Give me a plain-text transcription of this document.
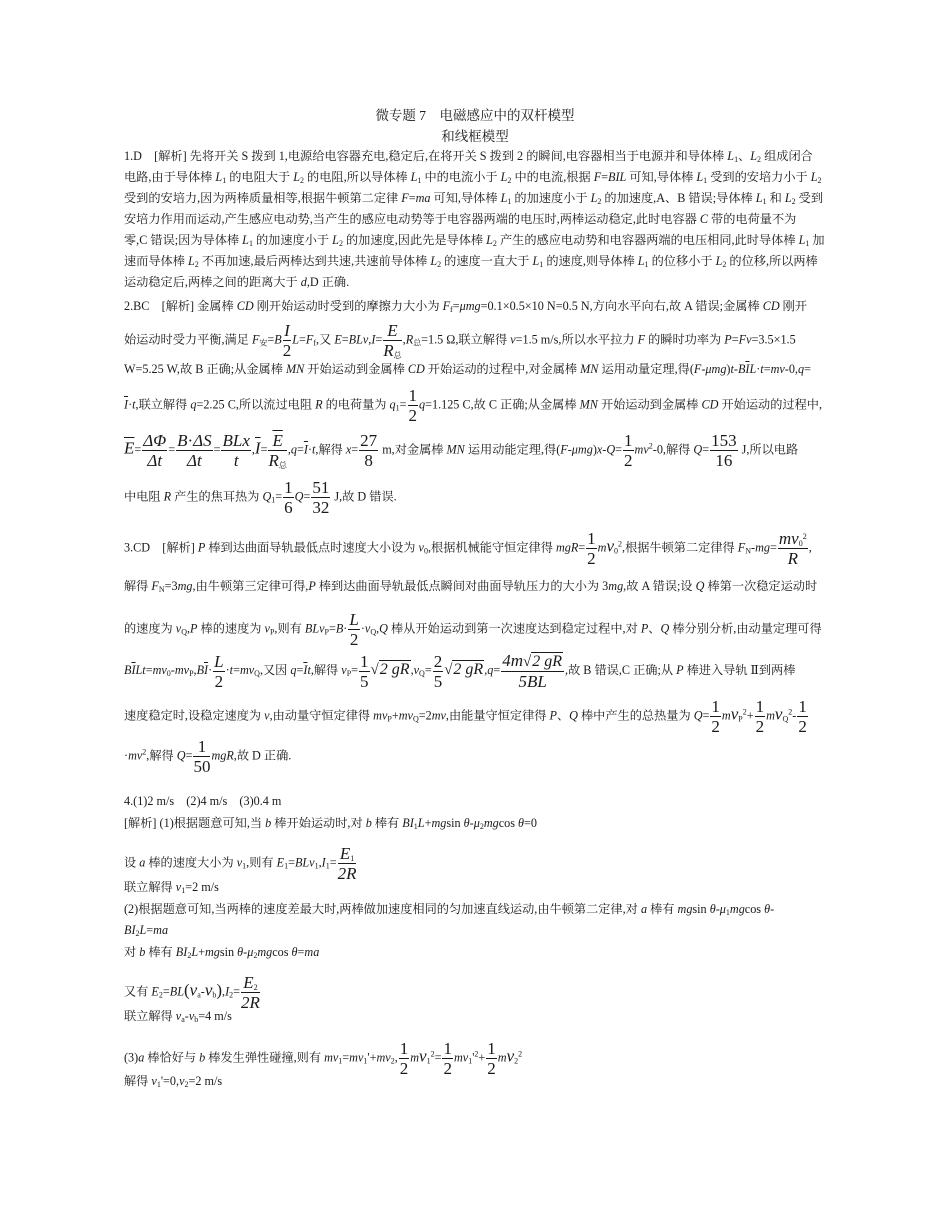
微专题 7　电磁感应中的双杆模型
和线框模型
1.D　[解析] 先将开关 S 拨到 1,电源给电容器充电,稳定后,在将开关 S 拨到 2 的瞬间,电容器相当于电源并和导体棒 $L_1$、$L_2$ 组成闭合
电路,由于导体棒 $L_1$ 的电阻大于 $L_2$ 的电阻,所以导体棒 $L_1$ 中的电流小于 $L_2$ 中的电流,根据 F=BIL 可知,导体棒 $L_1$ 受到的安培力小于 $L_2$
受到的安培力,因为两棒质量相等,根据牛顿第二定律 F=ma 可知,导体棒 $L_1$ 的加速度小于 $L_2$ 的加速度,A、B 错误;导体棒 $L_1$ 和 $L_2$ 受到
安培力作用而运动,产生感应电动势,当产生的感应电动势等于电容器两端的电压时,两棒运动稳定,此时电容器 C 带的电荷量不为
零,C 错误;因为导体棒 $L_1$ 的加速度小于 $L_2$ 的加速度,因此先是导体棒 $L_2$ 产生的感应电动势和电容器两端的电压相同,此时导体棒 $L_1$ 加
速而导体棒 $L_2$ 不再加速,最后两棒达到共速,共速前导体棒 $L_2$ 的速度一直大于 $L_1$ 的速度,则导体棒 $L_1$ 的位移小于 $L_2$ 的位移,所以两棒
运动稳定后,两棒之间的距离大于 d,D 正确.
2.BC　[解析] 金属棒 CD 刚开始运动时受到的摩擦力大小为 $F_f=\mu mg=0.1\times 0.5\times 10$ N=0.5 N,方向水平向右,故 A 错误;金属棒 CD 刚开
始运动时受力平衡,满足 $F_安=B \frac{I}{2} L=F_f$,又 $E=BLv,I= \frac{E}{R_总} ,R_总=1.5$ Ω,联立解得 v=1.5 m/s,所以水平拉力 F 的瞬时功率为 P=Fv=3.5×1.5
W=5.25 W,故 B 正确;从金属棒 MN 开始运动到金属棒 CD 开始运动的过程中,对金属棒 MN 运用动量定理,得$(F-\mu mg)t-B\overline{I}L\cdot t=mv-0,q=$
$\overline{I}\cdot t$,联立解得 q=2.25 C,所以流过电阻 R 的电荷量为 $q_1= \frac{1}{2} q=1.125$ C,故 C 正确;从金属棒 MN 开始运动到金属棒 CD 开始运动的过程中,
$\overline{E}= \frac{\Delta\Phi}{\Delta t} = \frac{B\cdot\Delta S}{\Delta t} = \frac{\text{BLx}}{t} ,\overline{I}= \frac{\overline{E}}{R_总} ,q=\overline{I}\cdot t$,解得 $x= \frac{27}{8} m$,对金属棒 MN 运用动能定理,得$(F-\mu mg)x-Q= \frac{1}{2} mv^2-0$,解得 $Q= \frac{153}{16} J$,所以电路
中电阻 R 产生的焦耳热为 $Q_1= \frac{1}{6} Q= \frac{51}{32} J$,故 D 错误.
3.CD　[解析] P 棒到达曲面导轨最低点时速度大小设为 $v_0$,根据机械能守恒定律得 $mgR= \frac{1}{2} mv_0^2$,根据牛顿第二定律得 $F_N-mg= \frac{mv_0^2}{R}$ ,
解得 $F_N=3mg$,由牛顿第三定律可得,P 棒到达曲面导轨最低点瞬间对曲面导轨压力的大小为 3mg,故 A 错误;设 Q 棒第一次稳定运动时
的速度为 $v_Q,P$ 棒的速度为 $v_P$,则有 $BLv_P=B\cdot \frac{L}{2} \cdot v_Q,Q$ 棒从开始运动到第一次速度达到稳定过程中,对 P、Q 棒分别分析,由动量定理可得
$B\overline{I}Lt=mv_0-mv_P,B\overline{I}\cdot \frac{L}{2} \cdot t=mv_Q$,又因 $q=\overline{I}t$,解得 $v_P= \frac{1}{5} √2$ $gR,v_Q= \frac{2}{5} √2$ $gR,q= \frac{4m√2 gR}{5BL}$ ,故 B 错误,C 正确;从 P 棒进入导轨 Ⅱ到两棒
速度稳定时,设稳定速度为 v,由动量守恒定律得 $mv_P+mv_Q=2mv$,由能量守恒定律得 P、Q 棒中产生的总热量为 $Q= \frac{1}{2} mv_P^2+ \frac{1}{2} mv_Q^2- \frac{1}{2}$
$\cdot mv^2$,解得 $Q= \frac{1}{50}$ mgR,故 D 正确.
4.(1)2 m/s　(2)4 m/s　(3)0.4 m
[解析] (1)根据题意可知,当 b 棒开始运动时,对 b 棒有 $BI_1L+mgsin$ $\theta-\mu_2mgcos$ θ=0
设 a 棒的速度大小为 $v_1$,则有 $E_1=BLv_1,I_1= \frac{E_1}{2R}$
联立解得 $v_1=2$ m/s
(2)根据题意可知,当两棒的速度差最大时,两棒做加速度相同的匀加速直线运动,由牛顿第二定律,对 a 棒有 mgsin $\theta-\mu_1mgcos$ θ-
$BI_2L=ma$
对 b 棒有 $BI_2L+mgsin$ $\theta-\mu_2mgcos$ θ=ma
又有 $E_2=BL(v_a-v_b),I_2= \frac{E_2}{2R}$
联立解得 $v_a-v_b=4$ m/s
(3)a 棒恰好与 b 棒发生弹性碰撞,则有 $mv_1=mv_1'+mv_2$, $\frac{1}{2} mv_1^2= \frac{1}{2} mv_1'^2+ \frac{1}{2} mv_2^2$
解得 $v_1'=0,v_2=2$ m/s
